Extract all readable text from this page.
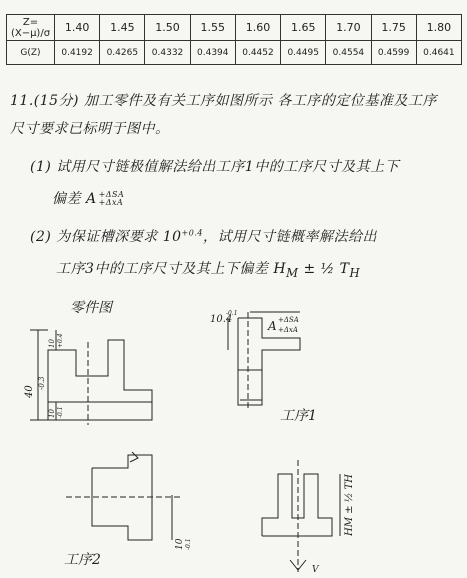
Z=(X−μ)/σ	1.40	1.45	1.50	1.55	1.60	1.65	1.70	1.75	1.80
G(Z)	0.4192	0.4265	0.4332	0.4394	0.4452	0.4495	0.4554	0.4599	0.4641
11.(15分) 加工零件及有关工序如图所示 各工序的定位基准及工序
尺寸要求已标明于图中。
(1) 试用尺寸链极值解法给出工序1中的工序尺寸及其上下
偏差 A +ΔSA
+ΔxA
(2) 为保证槽深要求 $10^{+0.4}$，试用尺寸链概率解法给出
工序3中的工序尺寸及其上下偏差 $H_M$ ± ½ $T_H$
零件图
40
-0.3
10 +0.4
10 -0.1
10.4
-0.1
A +ΔSA
+ΔxA
工序1
工序2
10 -0.1
HM ± ½ TH
V
